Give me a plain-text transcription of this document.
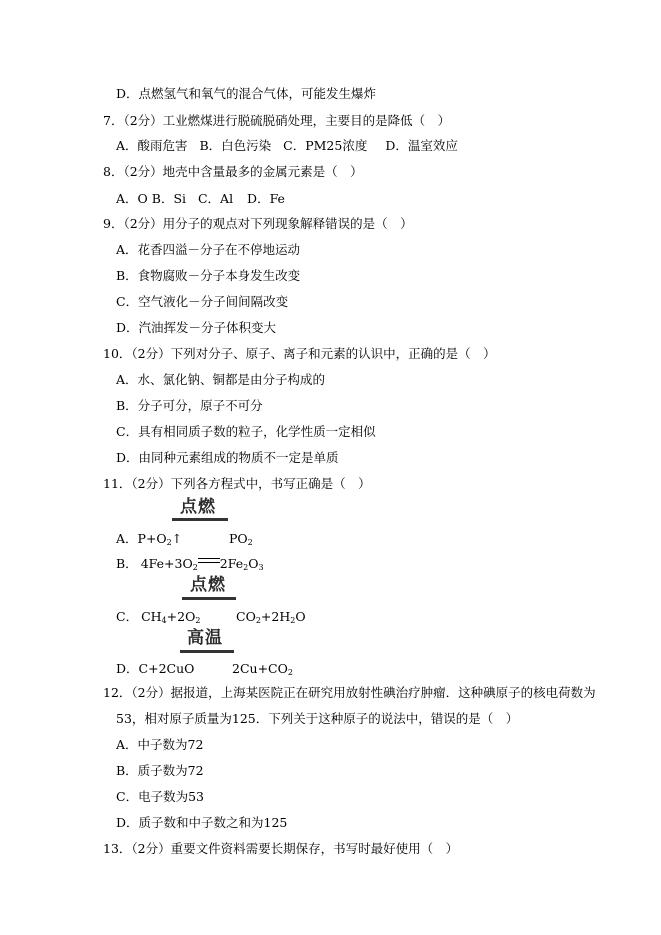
D．点燃氢气和氧气的混合气体，可能发生爆炸
7．（2分）工业燃煤进行脱硫脱硝处理，主要目的是降低（　）
A．酸雨危害 B．白色污染 C．PM25浓度 D．温室效应
8．（2分）地壳中含量最多的金属元素是（　）
A．O B．Si C．Al D．Fe
9．（2分）用分子的观点对下列现象解释错误的是（　）
A．花香四溢－分子在不停地运动
B．食物腐败－分子本身发生改变
C．空气液化－分子间间隔改变
D．汽油挥发－分子体积变大
10．（2分）下列对分子、原子、离子和元素的认识中，正确的是（　）
A．水、氯化钠、铜都是由分子构成的
B．分子可分，原子不可分
C．具有相同质子数的粒子，化学性质一定相似
D．由同种元素组成的物质不一定是单质
11．（2分）下列各方程式中，书写正确是（　）
点燃
A．$P+O_2↑$	$PO_2$
B． $4Fe+3O_2$ $2Fe_2O_3$
点燃
C． $CH_4+2O_2$	$CO_2+2H_2O$
高温
D．C+2CuO	$2Cu+CO_2$
12．（2分）据报道，上海某医院正在研究用放射性碘治疗肿瘤．这种碘原子的核电荷数为
53，相对原子质量为125．下列关于这种原子的说法中，错误的是（　）
A．中子数为72
B．质子数为72
C．电子数为53
D．质子数和中子数之和为125
13．（2分）重要文件资料需要长期保存，书写时最好使用（　）
